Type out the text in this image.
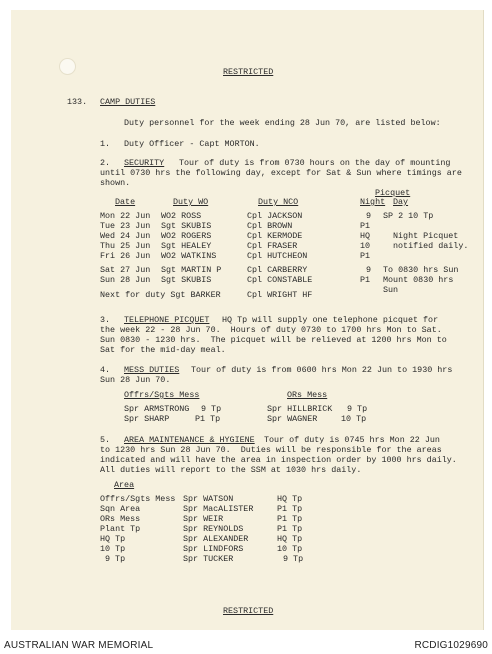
RESTRICTED
133. CAMP DUTIES
Duty personnel for the week ending 28 Jun 70, are listed below:
1. Duty Officer - Capt MORTON.
2. SECURITY Tour of duty is from 0730 hours on the day of mounting
until 0730 hrs the following day, except for Sat & Sun where timings are
shown.
Picquet
Date	Duty WO	Duty NCO	Night Day
Mon 22 Jun WO2 ROSS	Cpl JACKSON	9 SP 2 10 Tp
Tue 23 Jun Sgt SKUBIS	Cpl BROWN	P1
Wed 24 Jun WO2 ROGERS	Cpl KERMODE	HQ	Night Picquet
Thu 25 Jun Sgt HEALEY	Cpl FRASER	10	notified daily.
Fri 26 Jun WO2 WATKINS	Cpl HUTCHEON	P1
Sat 27 Jun Sgt MARTIN P	Cpl CARBERRY	9 To 0830 hrs Sun
Sun 28 Jun Sgt SKUBIS	Cpl CONSTABLE	P1 Mount 0830 hrs
Sun
Next for duty Sgt BARKER	Cpl WRIGHT HF
3. TELEPHONE PICQUET HQ Tp will supply one telephone picquet for
the week 22 - 28 Jun 70.  Hours of duty 0730 to 1700 hrs Mon to Sat.
Sun 0830 - 1230 hrs.  The picquet will be relieved at 1200 hrs Mon to
Sat for the mid-day meal.
4. MESS DUTIES Tour of duty is from 0600 hrs Mon 22 Jun to 1930 hrs
Sun 28 Jun 70.
Offrs/Sgts Mess	ORs Mess
Spr ARMSTRONG 9 Tp	Spr HILLBRICK 9 Tp
Spr SHARP	P1 Tp	Spr WAGNER	10 Tp
5. AREA MAINTENANCE & HYGIENE Tour of duty is 0745 hrs Mon 22 Jun
to 1230 hrs Sun 28 Jun 70.  Duties will be responsible for the areas
indicated and will have the area in inspection order by 1000 hrs daily.
All duties will report to the SSM at 1030 hrs daily.
Area
Offrs/Sgts Mess Spr WATSON	HQ Tp
Sqn Area	Spr MacALISTER	P1 Tp
ORs Mess	Spr WEIR	P1 Tp
Plant Tp	Spr REYNOLDS	P1 Tp
HQ Tp	Spr ALEXANDER	HQ Tp
10 Tp	Spr LINDFORS	10 Tp
9 Tp	Spr TUCKER	9 Tp
RESTRICTED
AUSTRALIAN WAR MEMORIAL	RCDIG1029690
